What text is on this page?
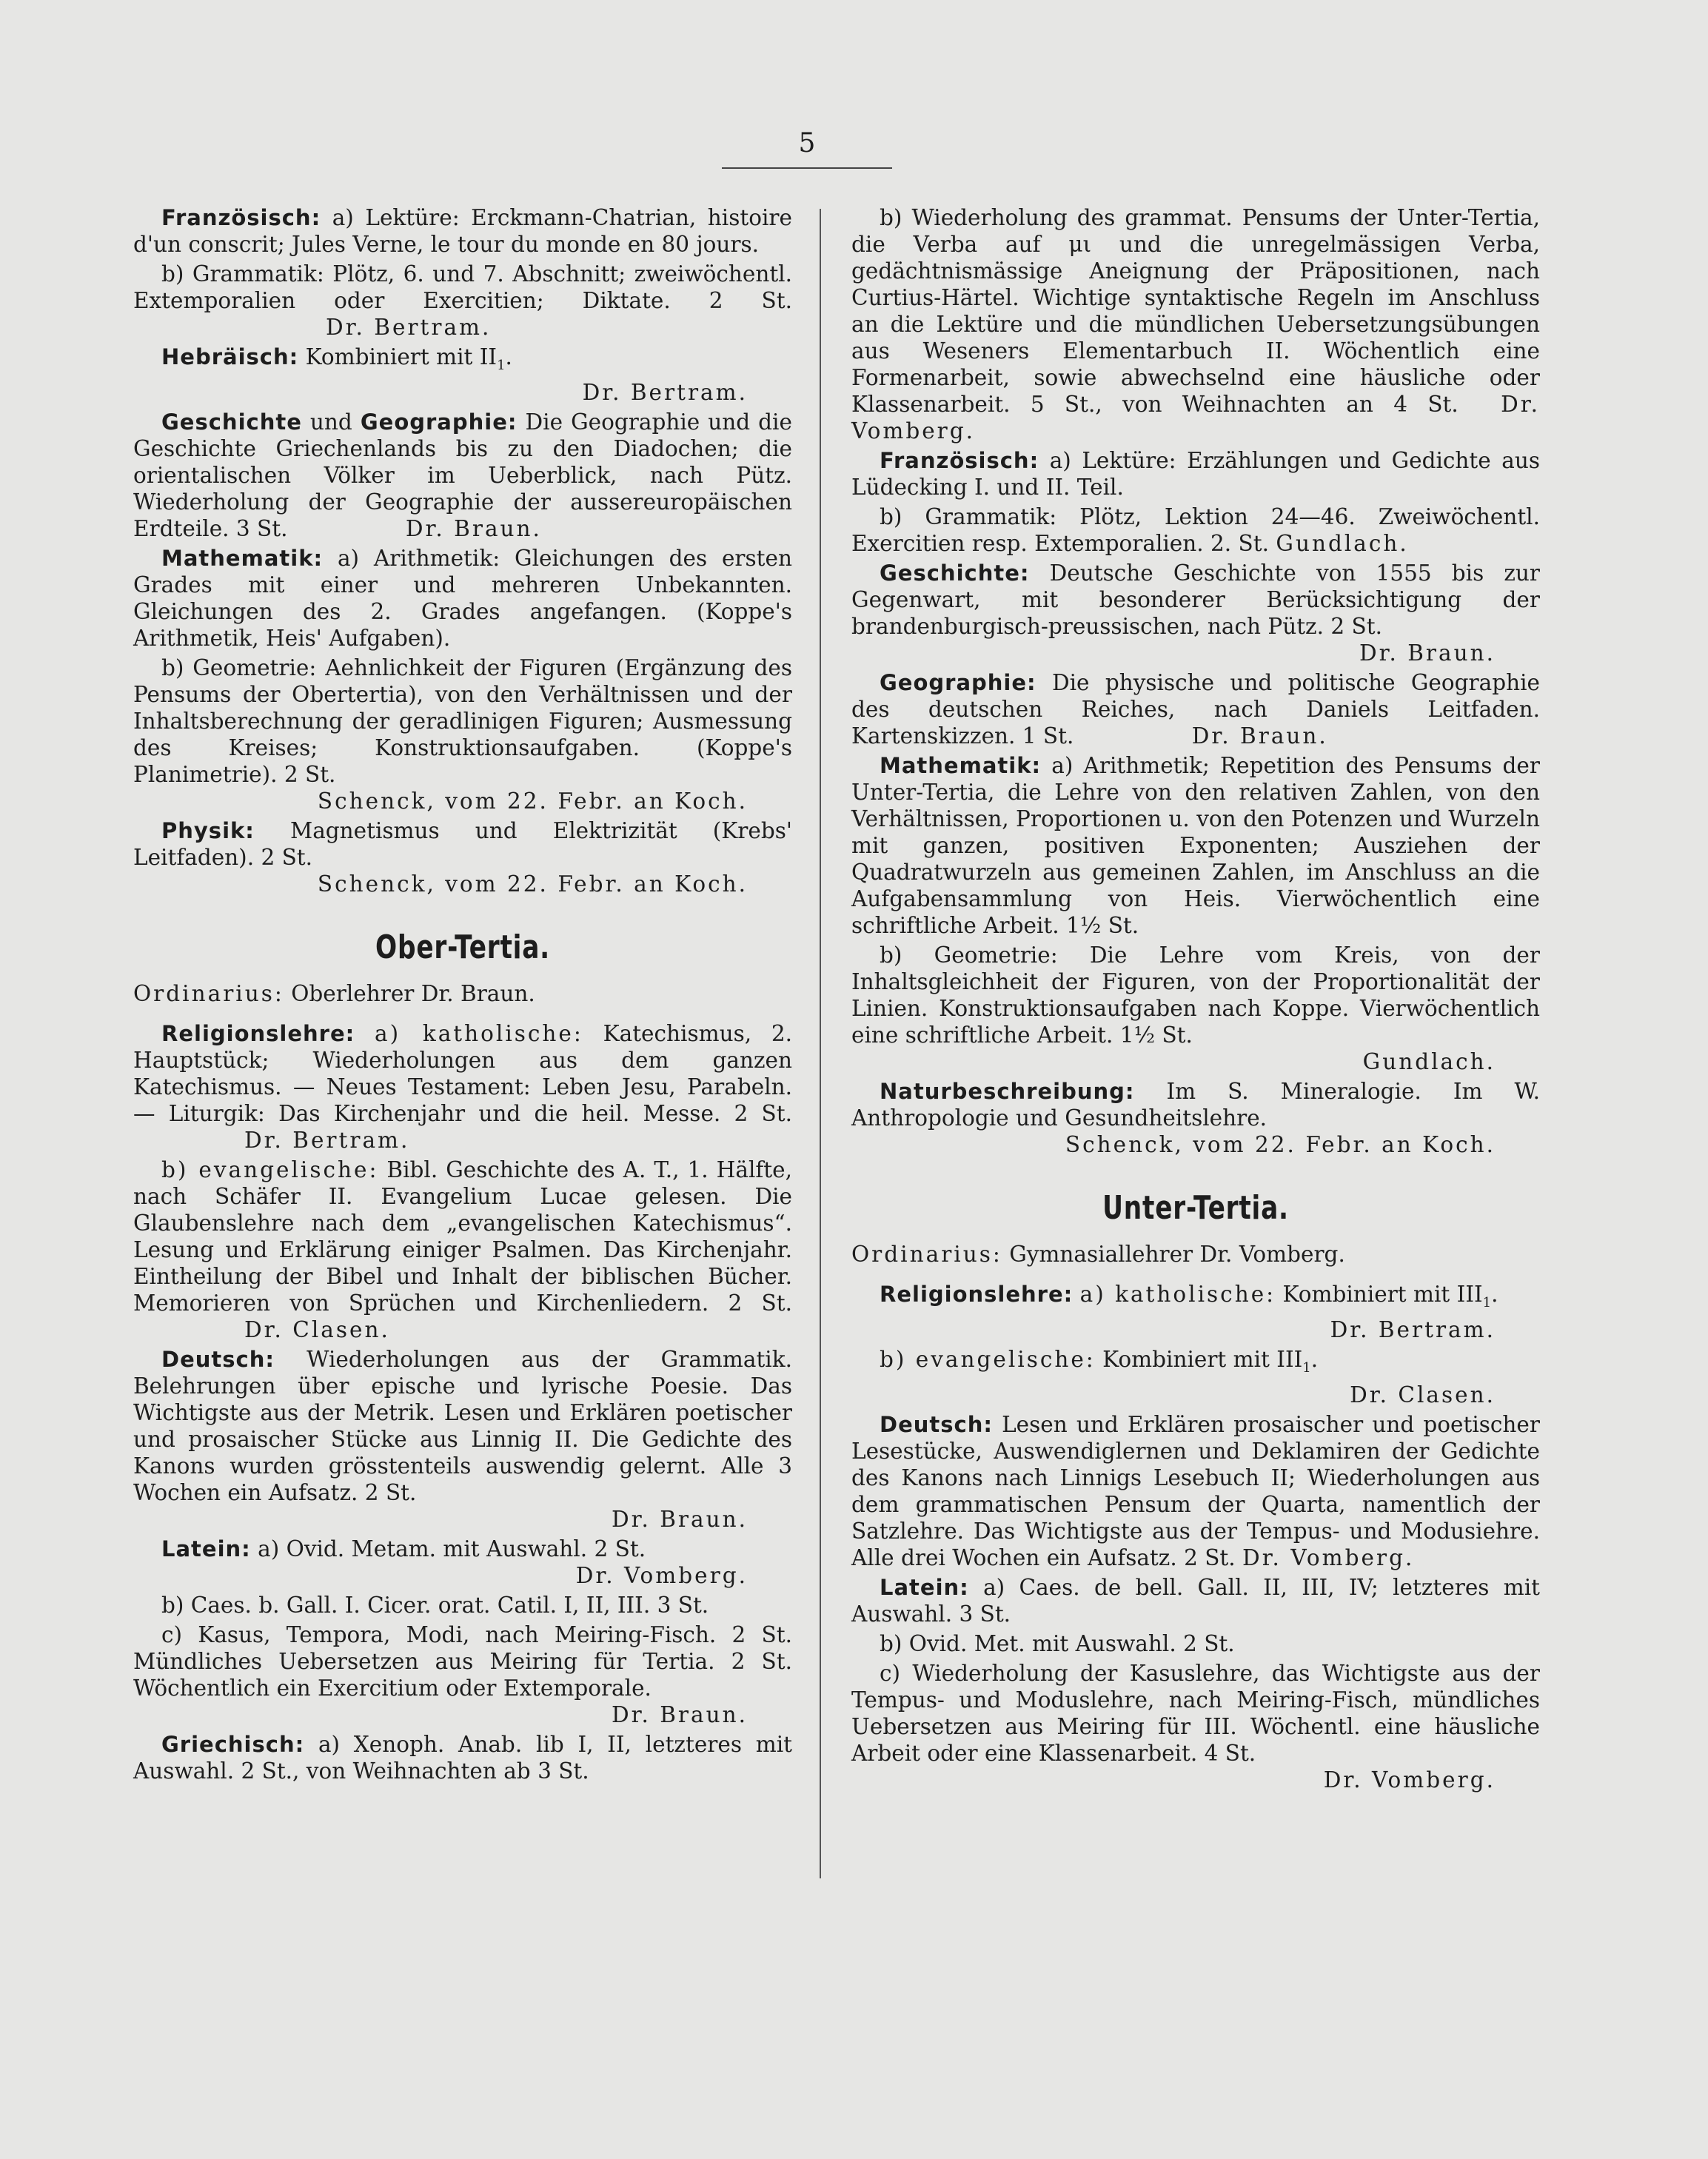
5

Französisch: a) Lektüre: Erckmann-Chatrian, histoire d'un conscrit; Jules Verne, le tour du monde en 80 jours.

b) Grammatik: Plötz, 6. und 7. Abschnitt; zweiwöchentl. Extemporalien oder Exercitien; Diktate. 2 St. Dr. Bertram.

Hebräisch: Kombiniert mit $II_1$.
Dr. Bertram.

Geschichte und Geographie: Die Geographie und die Geschichte Griechenlands bis zu den Diadochen; die orientalischen Völker im Ueberblick, nach Pütz. Wiederholung der Geographie der aussereuropäischen Erdteile. 3 St.	Dr. Braun.

Mathematik: a) Arithmetik: Gleichungen des ersten Grades mit einer und mehreren Unbekannten. Gleichungen des 2. Grades angefangen. (Koppe's Arithmetik, Heis' Aufgaben).

b) Geometrie: Aehnlichkeit der Figuren (Ergänzung des Pensums der Obertertia), von den Verhältnissen und der Inhaltsberechnung der geradlinigen Figuren; Ausmessung des Kreises; Konstruktionsaufgaben. (Koppe's Planimetrie). 2 St.
Schenck, vom 22. Febr. an Koch.

Physik: Magnetismus und Elektrizität (Krebs' Leitfaden). 2 St.
Schenck, vom 22. Febr. an Koch.

Ober-Tertia.

Ordinarius: Oberlehrer Dr. Braun.

Religionslehre: a) katholische: Katechismus, 2. Hauptstück; Wiederholungen aus dem ganzen Katechismus. — Neues Testament: Leben Jesu, Parabeln. — Liturgik: Das Kirchenjahr und die heil. Messe. 2 St. Dr. Bertram.

b) evangelische: Bibl. Geschichte des A. T., 1. Hälfte, nach Schäfer II. Evangelium Lucae gelesen. Die Glaubenslehre nach dem „evangelischen Katechismus“. Lesung und Erklärung einiger Psalmen. Das Kirchenjahr. Eintheilung der Bibel und Inhalt der biblischen Bücher. Memorieren von Sprüchen und Kirchenliedern. 2 St. Dr. Clasen.

Deutsch: Wiederholungen aus der Grammatik. Belehrungen über epische und lyrische Poesie. Das Wichtigste aus der Metrik. Lesen und Erklären poetischer und prosaischer Stücke aus Linnig II. Die Gedichte des Kanons wurden grösstenteils auswendig gelernt. Alle 3 Wochen ein Aufsatz. 2 St.
Dr. Braun.

Latein: a) Ovid. Metam. mit Auswahl. 2 St.
Dr. Vomberg.

b) Caes. b. Gall. I. Cicer. orat. Catil. I, II, III. 3 St.

c) Kasus, Tempora, Modi, nach Meiring-Fisch. 2 St. Mündliches Uebersetzen aus Meiring für Tertia. 2 St. Wöchentlich ein Exercitium oder Extemporale.
Dr. Braun.

Griechisch: a) Xenoph. Anab. lib I, II, letzteres mit Auswahl. 2 St., von Weihnachten ab 3 St.

b) Wiederholung des grammat. Pensums der Unter-Tertia, die Verba auf μι und die unregelmässigen Verba, gedächtnismässige Aneignung der Präpositionen, nach Curtius-Härtel. Wichtige syntaktische Regeln im Anschluss an die Lektüre und die mündlichen Uebersetzungsübungen aus Weseners Elementarbuch II. Wöchentlich eine Formenarbeit, sowie abwechselnd eine häusliche oder Klassenarbeit. 5 St., von Weihnachten an 4 St. Dr. Vomberg.

Französisch: a) Lektüre: Erzählungen und Gedichte aus Lüdecking I. und II. Teil.

b) Grammatik: Plötz, Lektion 24—46. Zweiwöchentl. Exercitien resp. Extemporalien. 2. St. Gundlach.

Geschichte: Deutsche Geschichte von 1555 bis zur Gegenwart, mit besonderer Berücksichtigung der brandenburgisch-preussischen, nach Pütz. 2 St.
Dr. Braun.

Geographie: Die physische und politische Geographie des deutschen Reiches, nach Daniels Leitfaden. Kartenskizzen. 1 St.	Dr. Braun.

Mathematik: a) Arithmetik; Repetition des Pensums der Unter-Tertia, die Lehre von den relativen Zahlen, von den Verhältnissen, Proportionen u. von den Potenzen und Wurzeln mit ganzen, positiven Exponenten; Ausziehen der Quadratwurzeln aus gemeinen Zahlen, im Anschluss an die Aufgabensammlung von Heis. Vierwöchentlich eine schriftliche Arbeit. 1½ St.

b) Geometrie: Die Lehre vom Kreis, von der Inhaltsgleichheit der Figuren, von der Proportionalität der Linien. Konstruktionsaufgaben nach Koppe. Vierwöchentlich eine schriftliche Arbeit. 1½ St.
Gundlach.

Naturbeschreibung: Im S. Mineralogie. Im W. Anthropologie und Gesundheitslehre.
Schenck, vom 22. Febr. an Koch.

Unter-Tertia.

Ordinarius: Gymnasiallehrer Dr. Vomberg.

Religionslehre: a) katholische: Kombiniert mit $III_1$.
Dr. Bertram.

b) evangelische: Kombiniert mit $III_1$.
Dr. Clasen.

Deutsch: Lesen und Erklären prosaischer und poetischer Lesestücke, Auswendiglernen und Deklamiren der Gedichte des Kanons nach Linnigs Lesebuch II; Wiederholungen aus dem grammatischen Pensum der Quarta, namentlich der Satzlehre. Das Wichtigste aus der Tempus- und Modusiehre. Alle drei Wochen ein Aufsatz. 2 St. Dr. Vomberg.

Latein: a) Caes. de bell. Gall. II, III, IV; letzteres mit Auswahl. 3 St.

b) Ovid. Met. mit Auswahl. 2 St.

c) Wiederholung der Kasuslehre, das Wichtigste aus der Tempus- und Moduslehre, nach Meiring-Fisch, mündliches Uebersetzen aus Meiring für III. Wöchentl. eine häusliche Arbeit oder eine Klassenarbeit. 4 St.
Dr. Vomberg.
